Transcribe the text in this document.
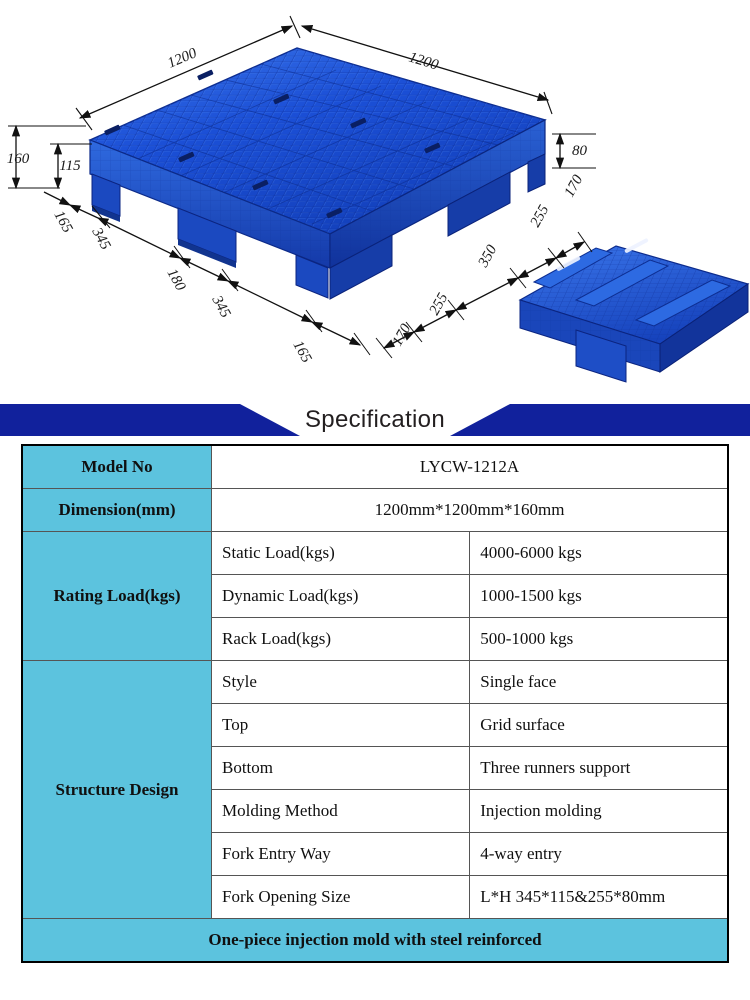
1200	1200
160 115
80
165
345
180
345
165
170
255
350
255
170
Specification
Model No	LYCW-1212A	
Dimension(mm)	1200mm*1200mm*160mm	
Rating Load(kgs)	Static Load(kgs)	4000-6000 kgs
	Dynamic Load(kgs)	1000-1500 kgs
	Rack Load(kgs)	500-1000 kgs
Structure Design	Style	Single face
	Top	Grid surface
	Bottom	Three runners support
	Molding Method	Injection molding
	Fork Entry Way	4-way entry
	Fork Opening Size	L*H 345*115&255*80mm
One-piece injection mold with steel reinforced		
